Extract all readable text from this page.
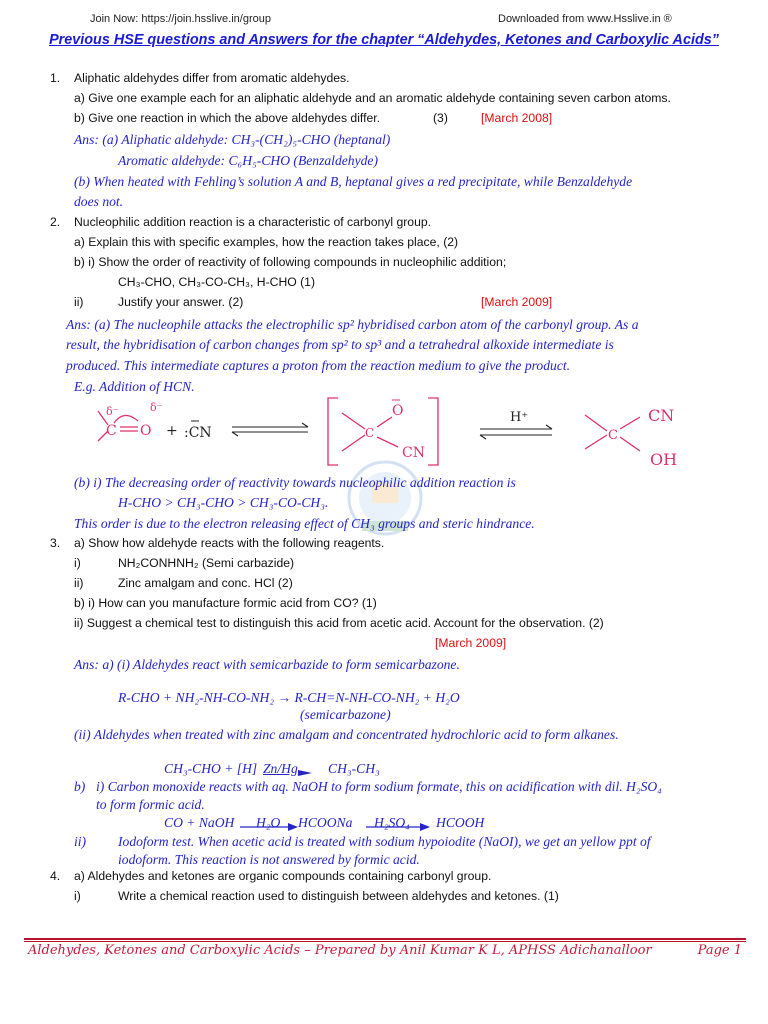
Join Now: https://join.hsslive.in/group	Downloaded from www.Hsslive.in ®
Previous HSE questions and Answers for the chapter “Aldehydes, Ketones and Carboxylic Acids”
1. Aliphatic aldehydes differ from aromatic aldehydes.
a) Give one example each for an aliphatic aldehyde and an aromatic aldehyde containing seven carbon atoms.
b) Give one reaction in which the above aldehydes differ.	(3)	[March 2008]
Ans: (a) Aliphatic aldehyde: CH₃-(CH₂)₅-CHO (heptanal)
Aromatic aldehyde: C₆H₅-CHO (Benzaldehyde)
(b) When heated with Fehling’s solution A and B, heptanal gives a red precipitate, while Benzaldehyde
does not.
2. Nucleophilic addition reaction is a characteristic of carbonyl group.
a) Explain this with specific examples, how the reaction takes place, (2)
b) i) Show the order of reactivity of following compounds in nucleophilic addition;
CH₃-CHO, CH₃-CO-CH₃, H-CHO (1)
ii)	Justify your answer. (2)	[March 2009]
Ans: (a) The nucleophile attacks the electrophilic sp² hybridised carbon atom of the carbonyl group. As a
result, the hybridisation of carbon changes from sp² to sp³ and a tetrahedral alkoxide intermediate is
produced. This intermediate captures a proton from the reaction medium to give the product.
E.g. Addition of HCN.
δ⁻	δ⁻
C O + :CN
O
C
CN
H⁺	CN
C
OH
(b) i) The decreasing order of reactivity towards nucleophilic addition reaction is
H-CHO > CH₃-CHO > CH₃-CO-CH₃.
This order is due to the electron releasing effect of CH₃ groups and steric hindrance.
3. a) Show how aldehyde reacts with the following reagents.
i)	NH₂CONHNH₂ (Semi carbazide)
ii)	Zinc amalgam and conc. HCl (2)
b) i) How can you manufacture formic acid from CO? (1)
ii) Suggest a chemical test to distinguish this acid from acetic acid. Account for the observation. (2)
[March 2009]
Ans: a) (i) Aldehydes react with semicarbazide to form semicarbazone.
R-CHO + NH₂-NH-CO-NH₂ → R-CH=N-NH-CO-NH₂ + H₂O
(semicarbazone)
(ii) Aldehydes when treated with zinc amalgam and concentrated hydrochloric acid to form alkanes.
CH₃-CHO + [H] Zn/Hg CH₃-CH₃
b) i) Carbon monoxide reacts with aq. NaOH to form sodium formate, this on acidification with dil. H₂SO₄
to form formic acid.
CO + NaOH H₂O HCOONa H₂SO₄ HCOOH
ii) Iodoform test. When acetic acid is treated with sodium hypoiodite (NaOI), we get an yellow ppt of
iodoform. This reaction is not answered by formic acid.
4. a) Aldehydes and ketones are organic compounds containing carbonyl group.
i)	Write a chemical reaction used to distinguish between aldehydes and ketones. (1)
Aldehydes, Ketones and Carboxylic Acids – Prepared by Anil Kumar K L, APHSS Adichanalloor	Page 1
